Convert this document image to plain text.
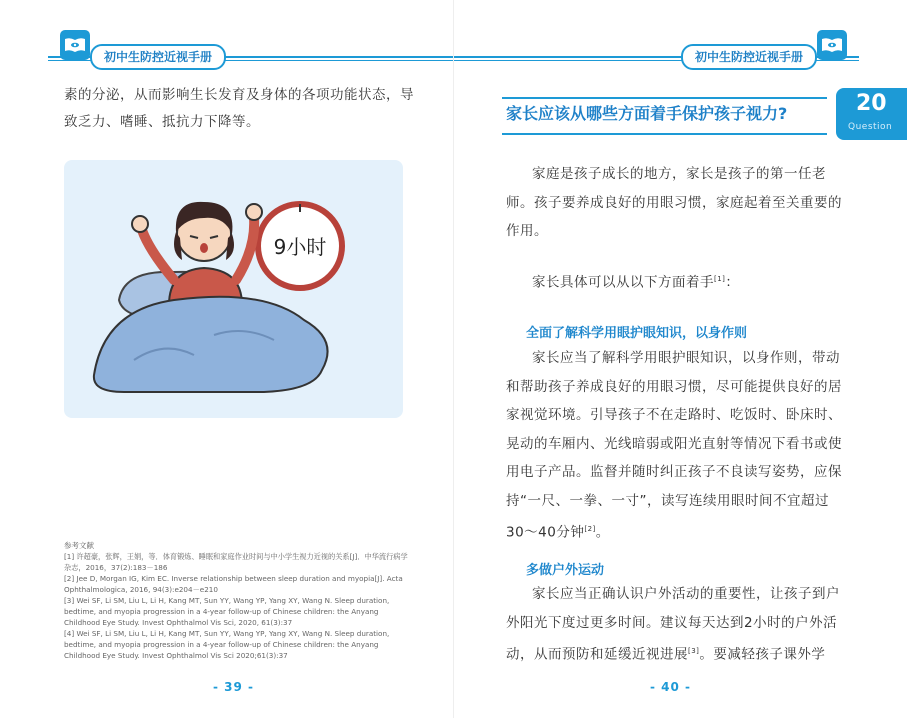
初中生防控近视手册
素的分泌，从而影响生长发育及身体的各项功能状态，导致乏力、嗜睡、抵抗力下降等。
9小时
参考文献

[1] 许超豪，张辉，王娟，等．体育锻炼、睡眠和家庭作业时间与中小学生视力近视的关系[J]．中华流行病学杂志，2016，37(2):183－186

[2] Jee D, Morgan IG, Kim EC. Inverse relationship between sleep duration and myopia[J]. Acta Ophthalmologica, 2016, 94(3):e204－e210

[3] Wei SF, Li SM, Liu L, Li H, Kang MT, Sun YY, Wang YP, Yang XY, Wang N. Sleep duration, bedtime, and myopia progression in a 4-year follow-up of Chinese children: the Anyang Childhood Eye Study. Invest Ophthalmol Vis Sci, 2020, 61(3):37

[4] Wei SF, Li SM, Liu L, Li H, Kang MT, Sun YY, Wang YP, Yang XY, Wang N. Sleep duration, bedtime, and myopia progression in a 4-year follow-up of Chinese children: the Anyang Childhood Eye Study. Invest Ophthalmol Vis Sci 2020;61(3):37

- 39 -
初中生防控近视手册
家长应该从哪些方面着手保护孩子视力?	20
Question
家庭是孩子成长的地方，家长是孩子的第一任老师。孩子要养成良好的用眼习惯，家庭起着至关重要的作用。
家长具体可以从以下方面着手[1]：
全面了解科学用眼护眼知识，以身作则
家长应当了解科学用眼护眼知识，以身作则，带动和帮助孩子养成良好的用眼习惯，尽可能提供良好的居家视觉环境。引导孩子不在走路时、吃饭时、卧床时、晃动的车厢内、光线暗弱或阳光直射等情况下看书或使用电子产品。监督并随时纠正孩子不良读写姿势，应保持“一尺、一拳、一寸”，读写连续用眼时间不宜超过30～40分钟[2]。
多做户外运动
家长应当正确认识户外活动的重要性，让孩子到户外阳光下度过更多时间。建议每天达到2小时的户外活动，从而预防和延缓近视进展[3]。要减轻孩子课外学
- 40 -
